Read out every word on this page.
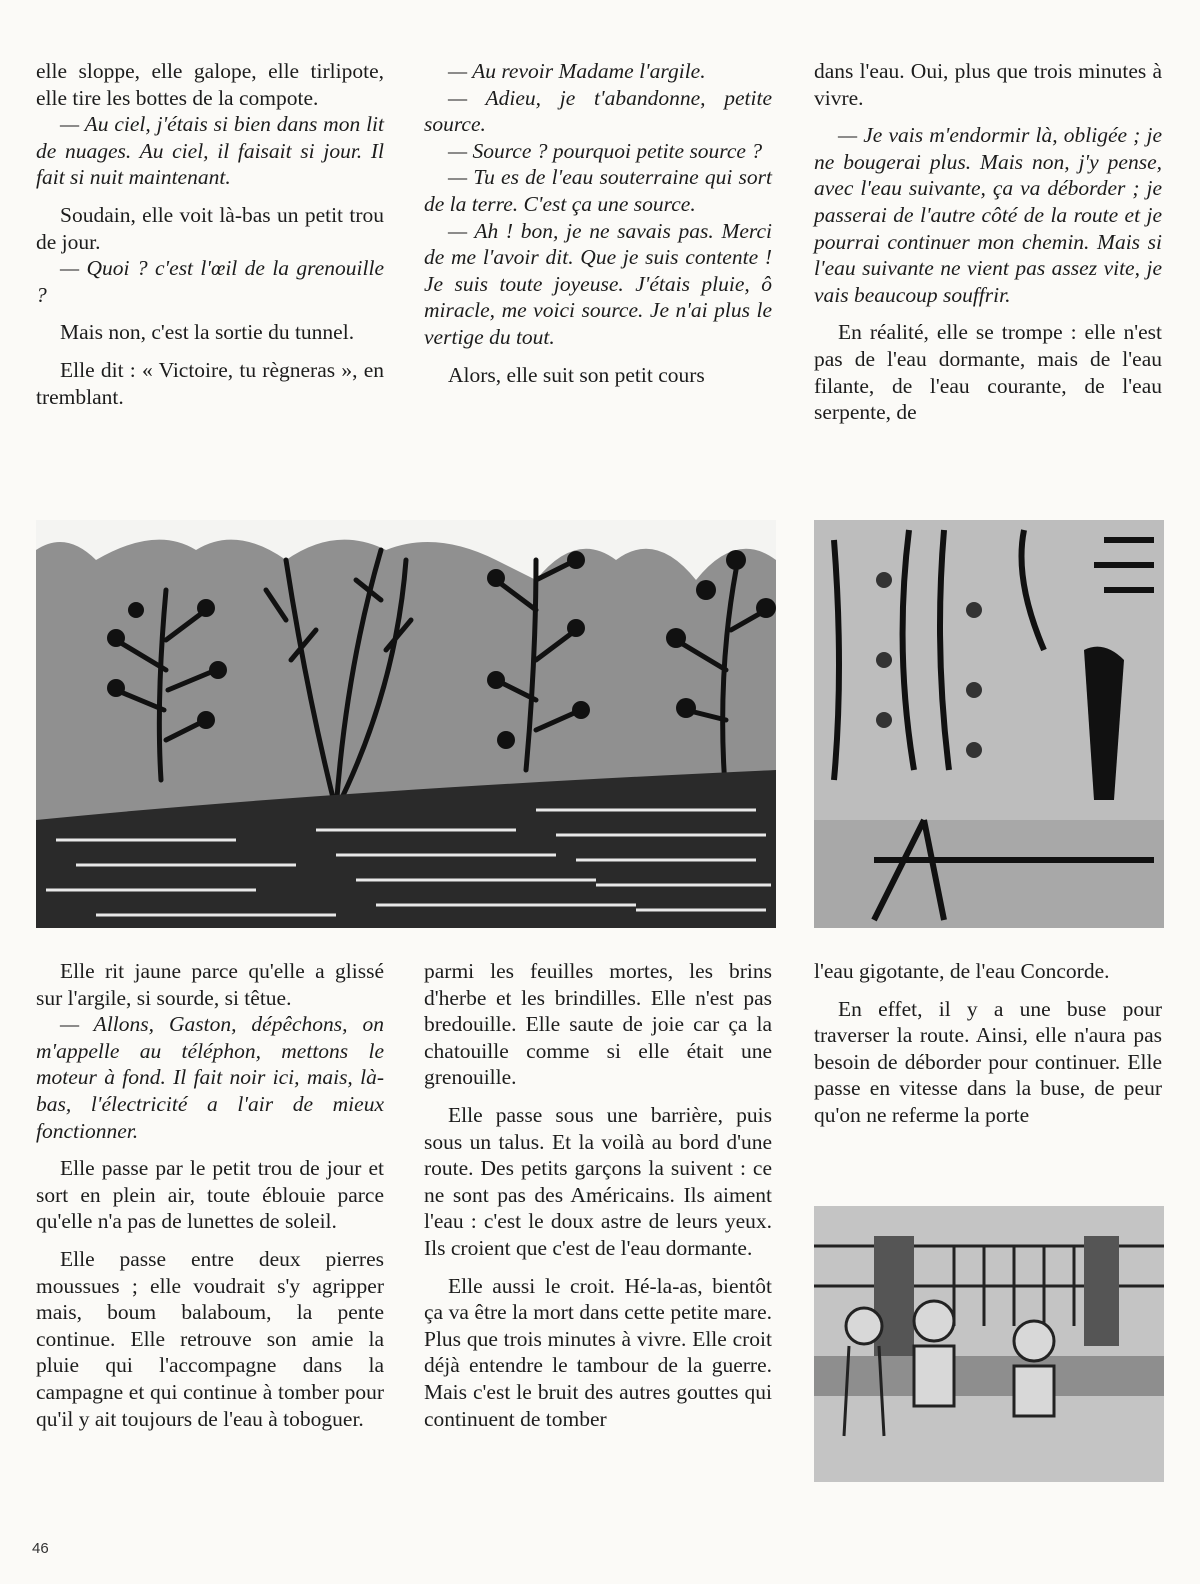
elle sloppe, elle galope, elle tirlipote, elle tire les bottes de la compote.

— Au ciel, j'étais si bien dans mon lit de nuages. Au ciel, il faisait si jour. Il fait si nuit maintenant.

Soudain, elle voit là-bas un petit trou de jour.

— Quoi ? c'est l'œil de la grenouille ?

Mais non, c'est la sortie du tunnel.

Elle dit : « Victoire, tu règneras », en tremblant.

— Au revoir Madame l'argile.

— Adieu, je t'abandonne, petite source.

— Source ? pourquoi petite source ?

— Tu es de l'eau souterraine qui sort de la terre. C'est ça une source.

— Ah ! bon, je ne savais pas. Merci de me l'avoir dit. Que je suis contente ! Je suis toute joyeuse. J'étais pluie, ô miracle, me voici source. Je n'ai plus le vertige du tout.

Alors, elle suit son petit cours

dans l'eau. Oui, plus que trois minutes à vivre.

— Je vais m'endormir là, obligée ; je ne bougerai plus. Mais non, j'y pense, avec l'eau suivante, ça va déborder ; je passerai de l'autre côté de la route et je pourrai continuer mon chemin. Mais si l'eau suivante ne vient pas assez vite, je vais beaucoup souffrir.

En réalité, elle se trompe : elle n'est pas de l'eau dormante, mais de l'eau filante, de l'eau courante, de l'eau serpente, de

Elle rit jaune parce qu'elle a glissé sur l'argile, si sourde, si têtue.

— Allons, Gaston, dépêchons, on m'appelle au téléphon, mettons le moteur à fond. Il fait noir ici, mais, là-bas, l'électricité a l'air de mieux fonctionner.

Elle passe par le petit trou de jour et sort en plein air, toute éblouie parce qu'elle n'a pas de lunettes de soleil.

Elle passe entre deux pierres moussues ; elle voudrait s'y agripper mais, boum balaboum, la pente continue. Elle retrouve son amie la pluie qui l'accompagne dans la campagne et qui continue à tomber pour qu'il y ait toujours de l'eau à toboguer.

parmi les feuilles mortes, les brins d'herbe et les brindilles. Elle n'est pas bredouille. Elle saute de joie car ça la chatouille comme si elle était une grenouille.

Elle passe sous une barrière, puis sous un talus. Et la voilà au bord d'une route. Des petits garçons la suivent : ce ne sont pas des Américains. Ils aiment l'eau : c'est le doux astre de leurs yeux. Ils croient que c'est de l'eau dormante.

Elle aussi le croit. Hé-la-as, bientôt ça va être la mort dans cette petite mare. Plus que trois minutes à vivre. Elle croit déjà entendre le tambour de la guerre. Mais c'est le bruit des autres gouttes qui continuent de tomber

l'eau gigotante, de l'eau Concorde.

En effet, il y a une buse pour traverser la route. Ainsi, elle n'aura pas besoin de déborder pour continuer. Elle passe en vitesse dans la buse, de peur qu'on ne referme la porte

46
